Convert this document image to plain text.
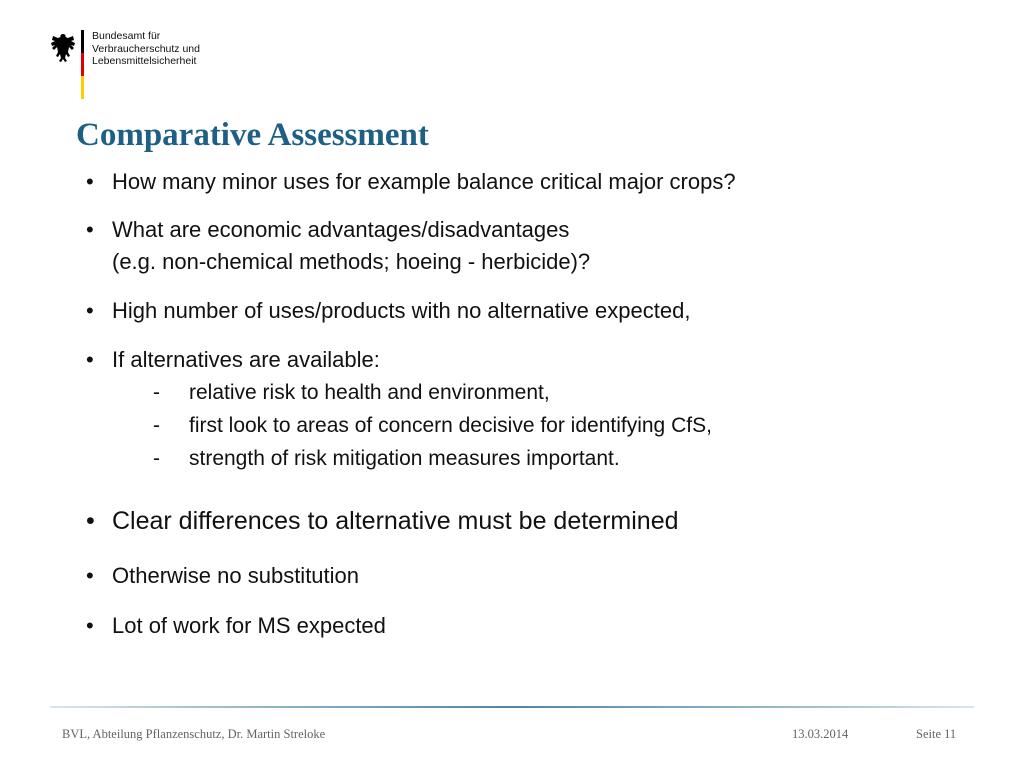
Bundesamt für
Verbraucherschutz und
Lebensmittelsicherheit
Comparative Assessment
• How many minor uses for example balance critical major crops?
• What are economic advantages/disadvantages
(e.g. non-chemical methods; hoeing - herbicide)?
• High number of uses/products with no alternative expected,
• If alternatives are available:
- relative risk to health and environment,
- first look to areas of concern decisive for identifying CfS,
- strength of risk mitigation measures important.
• Clear differences to alternative must be determined
• Otherwise no substitution
• Lot of work for MS expected
BVL, Abteilung Pflanzenschutz, Dr. Martin Streloke	13.03.2014	Seite 11
